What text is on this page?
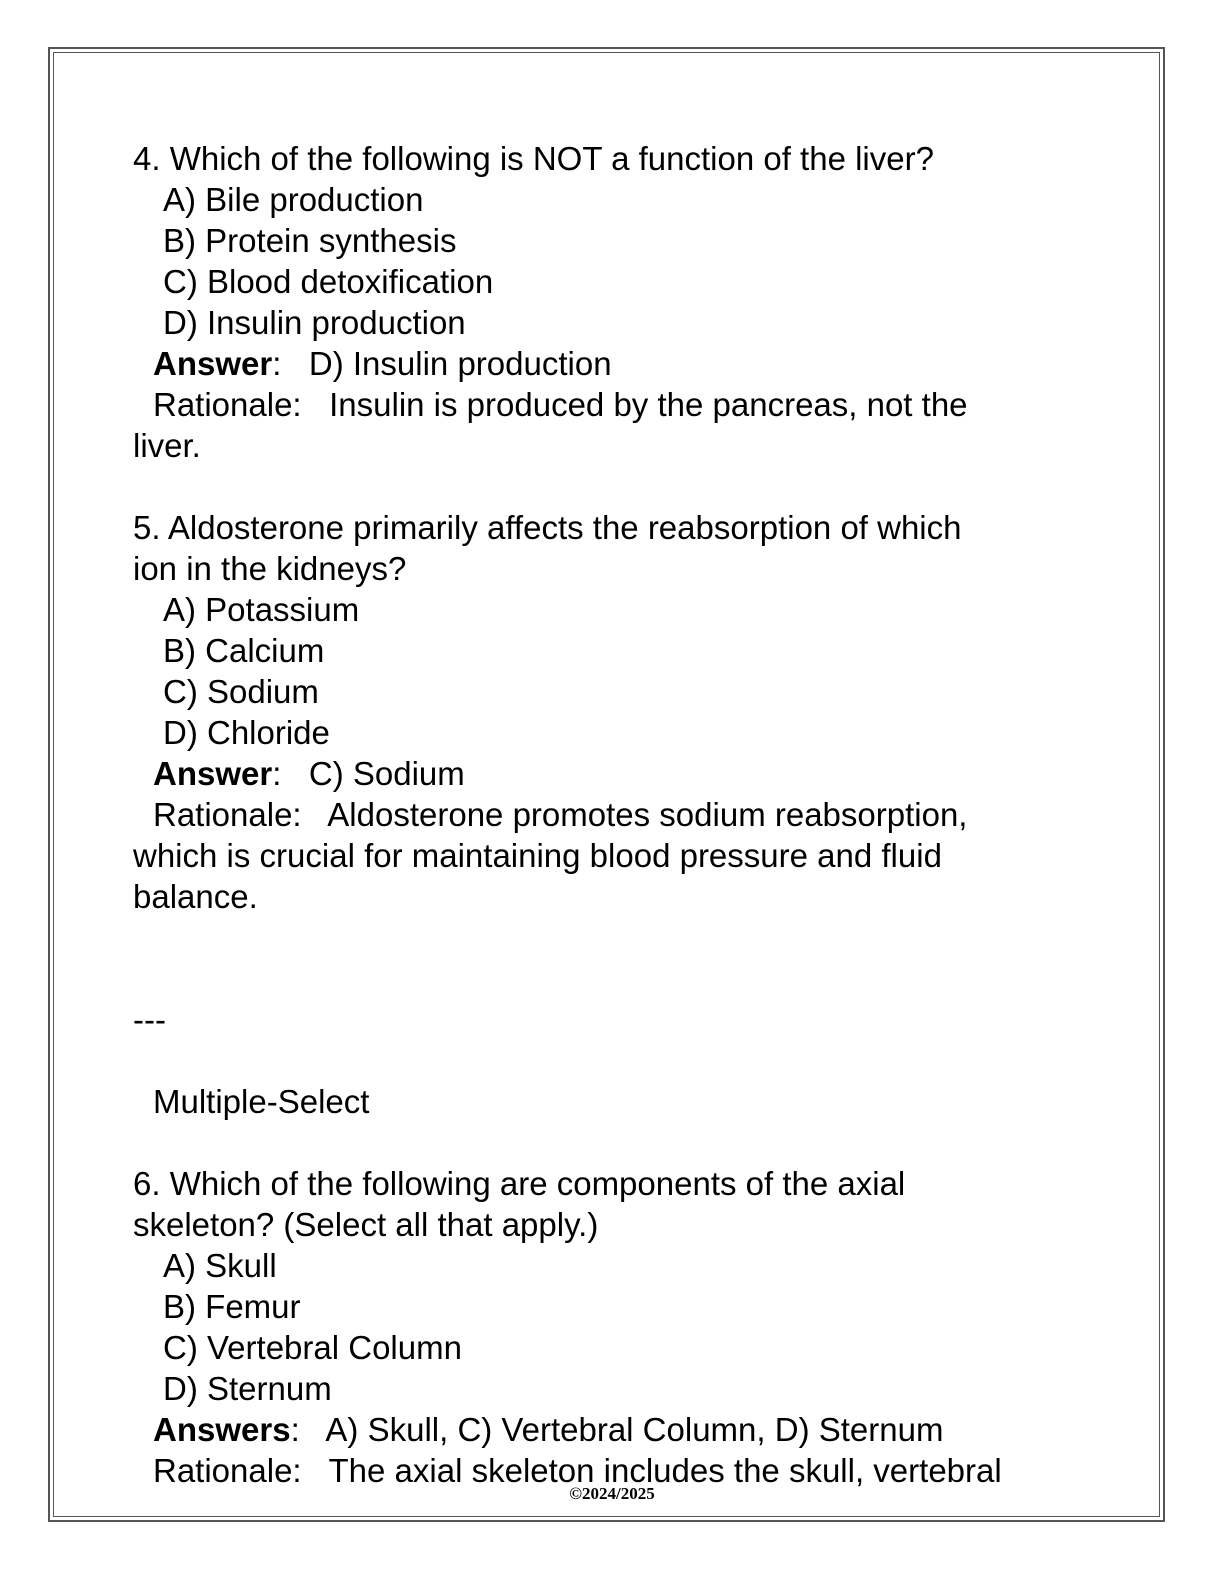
4. Which of the following is NOT a function of the liver?
A) Bile production
B) Protein synthesis
C) Blood detoxification
D) Insulin production
Answer:   D) Insulin production
Rationale:   Insulin is produced by the pancreas, not the
liver.
5. Aldosterone primarily affects the reabsorption of which
ion in the kidneys?
A) Potassium
B) Calcium
C) Sodium
D) Chloride
Answer:   C) Sodium
Rationale:   Aldosterone promotes sodium reabsorption,
which is crucial for maintaining blood pressure and fluid
balance.
---
Multiple-Select
6. Which of the following are components of the axial
skeleton? (Select all that apply.)
A) Skull
B) Femur
C) Vertebral Column
D) Sternum
Answers:   A) Skull, C) Vertebral Column, D) Sternum
Rationale:   The axial skeleton includes the skull, vertebral
©2024/2025
